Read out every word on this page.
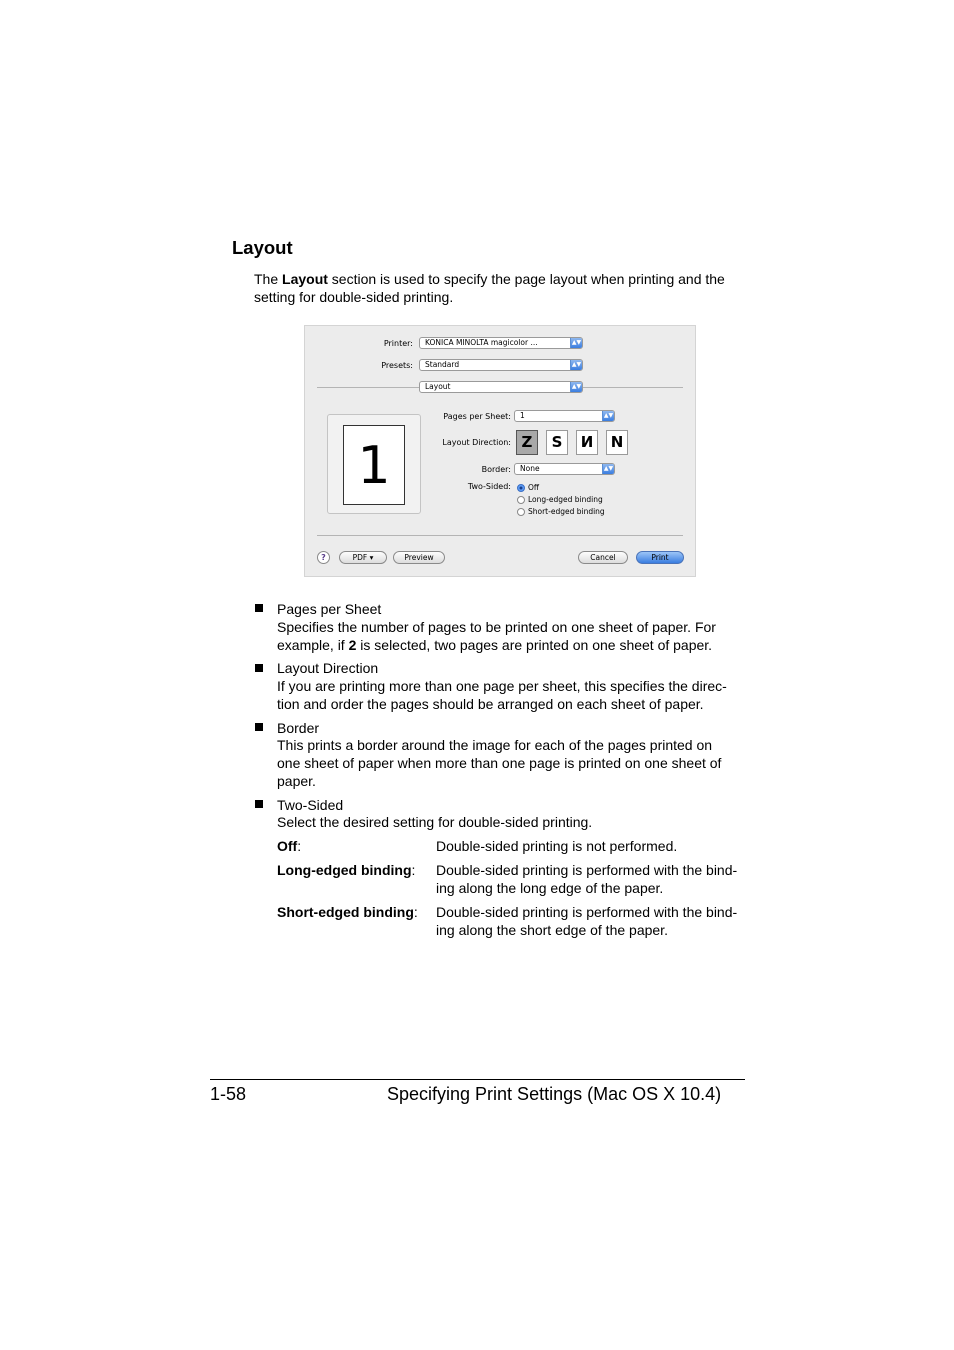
Layout
The Layout section is used to specify the page layout when printing and the setting for double-sided printing.
Printer:	KONICA MINOLTA magicolor ...	▲▼
Presets:	Standard	▲▼
Layout	▲▼
1
Pages per Sheet:	1	▲▼
Layout Direction: Z	S	И	N
Border:	None	▲▼
Two-Sided:	Off
Long-edged binding
Short-edged binding
?	PDF ▾	Preview	Cancel	Print
Pages per Sheet
Specifies the number of pages to be printed on one sheet of paper. For
example, if 2 is selected, two pages are printed on one sheet of paper.
Layout Direction
If you are printing more than one page per sheet, this specifies the direc-tion and order the pages should be arranged on each sheet of paper.
Border
This prints a border around the image for each of the pages printed on one sheet of paper when more than one page is printed on one sheet of paper.
Two-Sided
Select the desired setting for double-sided printing.
Off:	Double-sided printing is not performed.
Long-edged binding: Double-sided printing is performed with the bind-ing along the long edge of the paper.
Short-edged binding: Double-sided printing is performed with the bind-ing along the short edge of the paper.
1-58	Specifying Print Settings (Mac OS X 10.4)
